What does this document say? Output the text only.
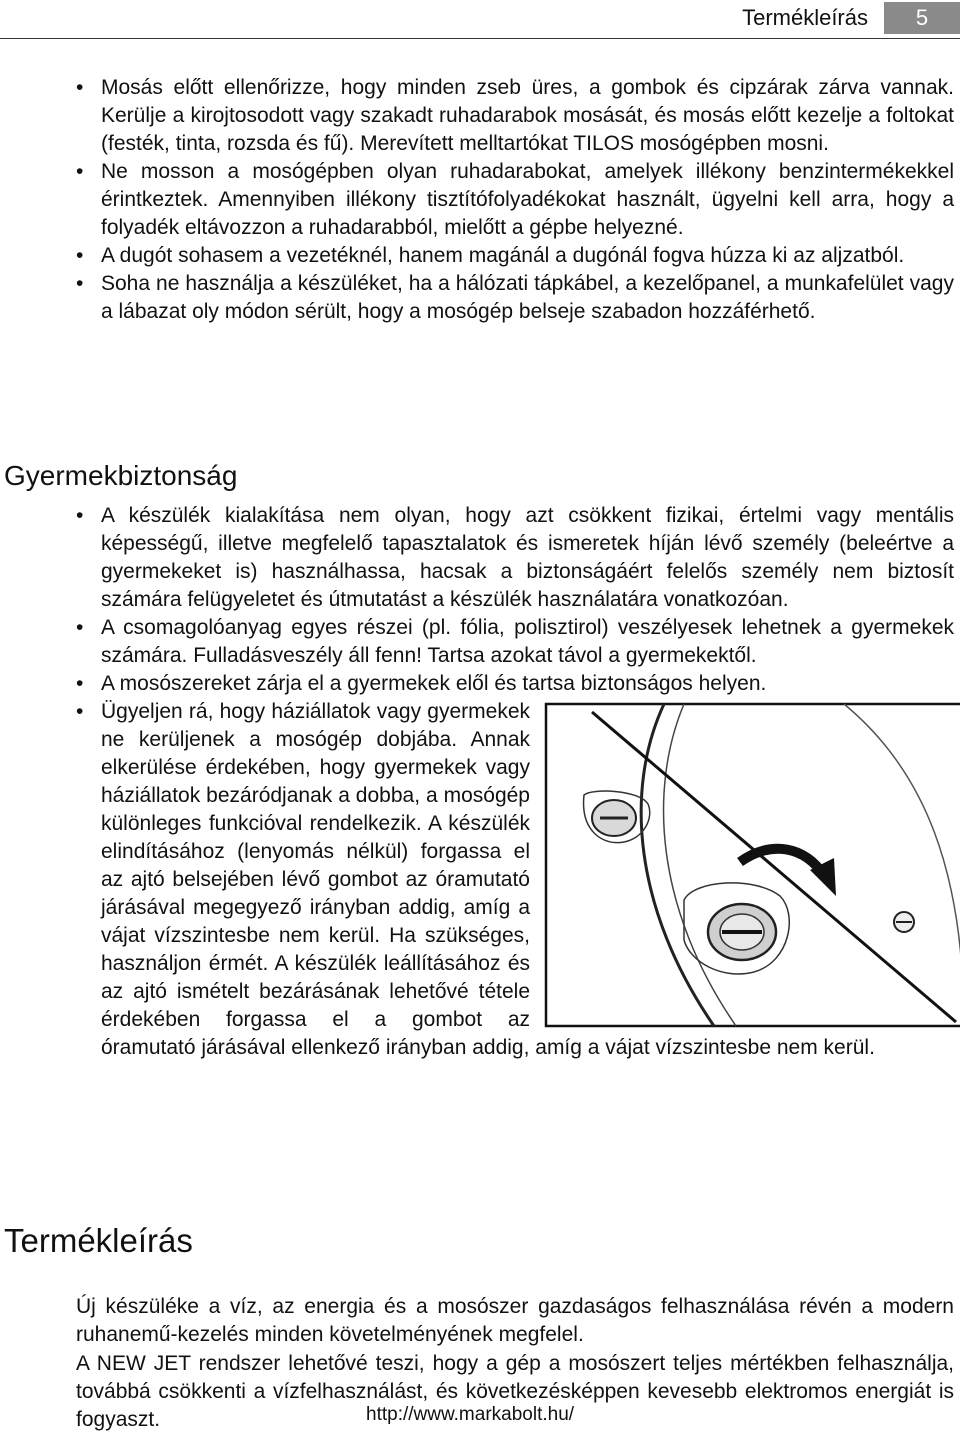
Termékleírás	5
• Mosás előtt ellenőrizze, hogy minden zseb üres, a gombok és cipzárak zárva vannak. Kerülje a kirojtosodott vagy szakadt ruhadarabok mosását, és mosás előtt kezelje a foltokat (festék, tinta, rozsda és fű). Merevített melltartókat TILOS mosógépben mosni.
• Ne mosson a mosógépben olyan ruhadarabokat, amelyek illékony benzintermékekkel érintkeztek. Amennyiben illékony tisztítófolyadékokat használt, ügyelni kell arra, hogy a folyadék eltávozzon a ruhadarabból, mielőtt a gépbe helyezné.
• A dugót sohasem a vezetéknél, hanem magánál a dugónál fogva húzza ki az aljzatból.
• Soha ne használja a készüléket, ha a hálózati tápkábel, a kezelőpanel, a munkafelület vagy a lábazat oly módon sérült, hogy a mosógép belseje szabadon hozzáférhető.
Gyermekbiztonság
• A készülék kialakítása nem olyan, hogy azt csökkent fizikai, értelmi vagy mentális képességű, illetve megfelelő tapasztalatok és ismeretek híján lévő személy (beleértve a gyermekeket is) használhassa, hacsak a biztonságáért felelős személy nem biztosít számára felügyeletet és útmutatást a készülék használatára vonatkozóan.
• A csomagolóanyag egyes részei (pl. fólia, polisztirol) veszélyesek lehetnek a gyermekek számára. Fulladásveszély áll fenn! Tartsa azokat távol a gyermekektől.
• A mosószereket zárja el a gyermekek elől és tartsa biztonságos helyen.
• Ügyeljen rá, hogy háziállatok vagy gyermekek ne kerüljenek a mosógép dobjába. Annak elkerülése érdekében, hogy gyermekek vagy háziállatok bezáródjanak a dobba, a mosógép különleges funkcióval rendelkezik. A készülék elindításához (lenyomás nélkül) forgassa el az ajtó belsejében lévő gombot az óramutató járásával megegyező irányban addig, amíg a vájat vízszintesbe nem kerül. Ha szükséges, használjon érmét. A készülék leállításához és az ajtó ismételt bezárásának lehetővé tétele érdekében forgassa el a gombot az óramutató járásával ellenkező irányban addig, amíg a vájat vízszintesbe nem kerül.
Termékleírás

Új készüléke a víz, az energia és a mosószer gazdaságos felhasználása révén a modern ruhanemű-kezelés minden követelményének megfelel.

A NEW JET rendszer lehetővé teszi, hogy a gép a mosószert teljes mértékben felhasználja, továbbá csökkenti a vízfelhasználást, és következésképpen kevesebb elektromos energiát is fogyaszt.	http://www.markabolt.hu/
